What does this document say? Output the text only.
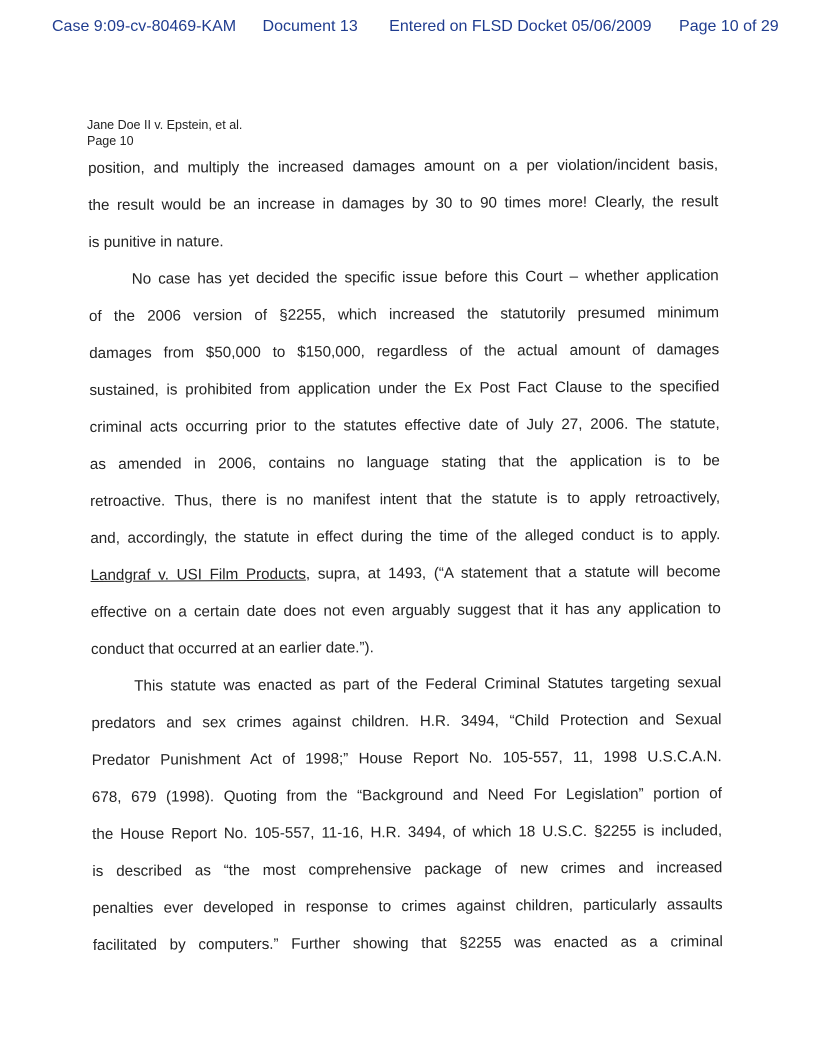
Case 9:09-cv-80469-KAM Document 13 Entered on FLSD Docket 05/06/2009 Page 10 of 29
Jane Doe II v. Epstein, et al.
Page 10
position, and multiply the increased damages amount on a per violation/incident basis,
the result would be an increase in damages by 30 to 90 times more! Clearly, the result
is punitive in nature.
No case has yet decided the specific issue before this Court – whether application
of the 2006 version of §2255, which increased the statutorily presumed minimum
damages from $50,000 to $150,000, regardless of the actual amount of damages
sustained, is prohibited from application under the Ex Post Fact Clause to the specified
criminal acts occurring prior to the statutes effective date of July 27, 2006. The statute,
as amended in 2006, contains no language stating that the application is to be
retroactive. Thus, there is no manifest intent that the statute is to apply retroactively,
and, accordingly, the statute in effect during the time of the alleged conduct is to apply.
Landgraf v. USI Film Products, supra, at 1493, (“A statement that a statute will become
effective on a certain date does not even arguably suggest that it has any application to
conduct that occurred at an earlier date.”).
This statute was enacted as part of the Federal Criminal Statutes targeting sexual
predators and sex crimes against children. H.R. 3494, “Child Protection and Sexual
Predator Punishment Act of 1998;” House Report No. 105-557, 11, 1998 U.S.C.A.N.
678, 679 (1998). Quoting from the “Background and Need For Legislation” portion of
the House Report No. 105-557, 11-16, H.R. 3494, of which 18 U.S.C. §2255 is included,
is described as “the most comprehensive package of new crimes and increased
penalties ever developed in response to crimes against children, particularly assaults
facilitated by computers.” Further showing that §2255 was enacted as a criminal
